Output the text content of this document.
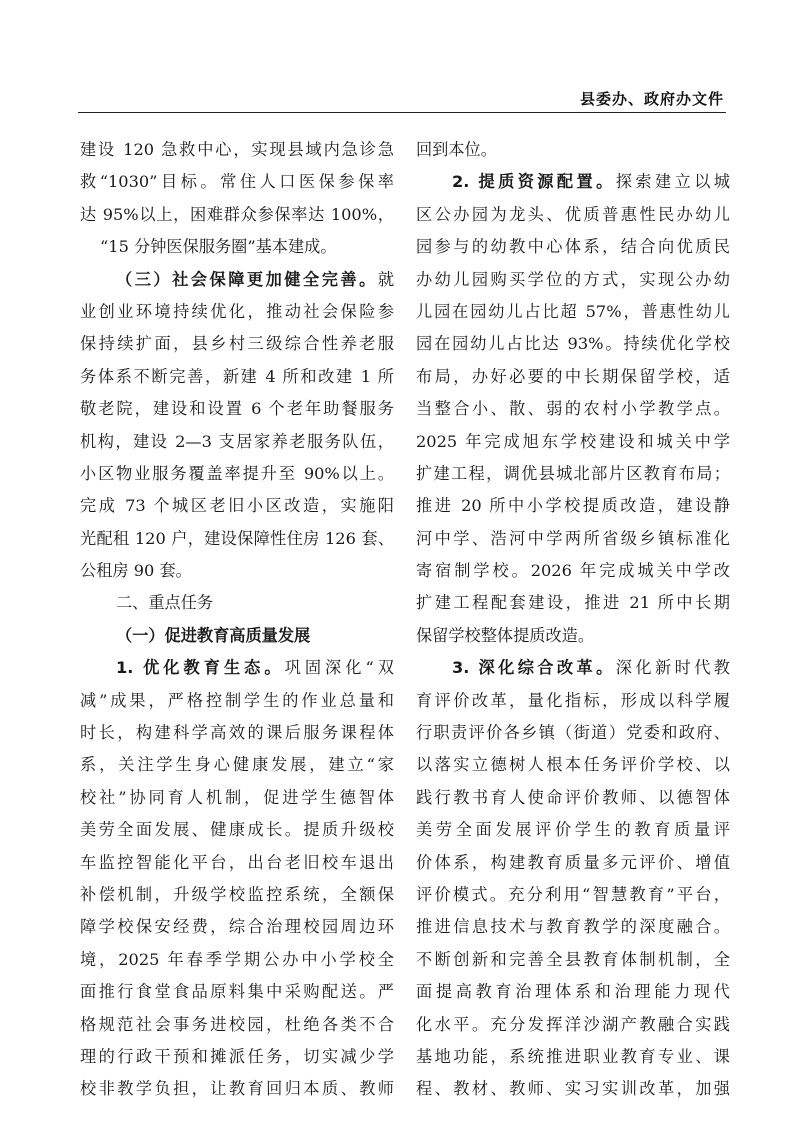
县委办、政府办文件
建设 120 急救中心，实现县域内急诊急
救“1030”目标。常住人口医保参保率
达 95%以上，困难群众参保率达 100%，
“15 分钟医保服务圈”基本建成。
（三）社会保障更加健全完善。就
业创业环境持续优化，推动社会保险参
保持续扩面，县乡村三级综合性养老服
务体系不断完善，新建 4 所和改建 1 所
敬老院，建设和设置 6 个老年助餐服务
机构，建设 2—3 支居家养老服务队伍，
小区物业服务覆盖率提升至 90%以上。
完成 73 个城区老旧小区改造，实施阳
光配租 120 户，建设保障性住房 126 套、
公租房 90 套。
二、重点任务
（一）促进教育高质量发展
1. 优化教育生态。巩固深化“双
减”成果，严格控制学生的作业总量和
时长，构建科学高效的课后服务课程体
系，关注学生身心健康发展，建立“家
校社”协同育人机制，促进学生德智体
美劳全面发展、健康成长。提质升级校
车监控智能化平台，出台老旧校车退出
补偿机制，升级学校监控系统，全额保
障学校保安经费，综合治理校园周边环
境，2025 年春季学期公办中小学校全
面推行食堂食品原料集中采购配送。严
格规范社会事务进校园，杜绝各类不合
理的行政干预和摊派任务，切实减少学
校非教学负担，让教育回归本质、教师
回到本位。
2. 提质资源配置。探索建立以城
区公办园为龙头、优质普惠性民办幼儿
园参与的幼教中心体系，结合向优质民
办幼儿园购买学位的方式，实现公办幼
儿园在园幼儿占比超 57%，普惠性幼儿
园在园幼儿占比达 93%。持续优化学校
布局，办好必要的中长期保留学校，适
当整合小、散、弱的农村小学教学点。
2025 年完成旭东学校建设和城关中学
扩建工程，调优县城北部片区教育布局；
推进 20 所中小学校提质改造，建设静
河中学、浩河中学两所省级乡镇标准化
寄宿制学校。2026 年完成城关中学改
扩建工程配套建设，推进 21 所中长期
保留学校整体提质改造。
3. 深化综合改革。深化新时代教
育评价改革，量化指标，形成以科学履
行职责评价各乡镇（街道）党委和政府、
以落实立德树人根本任务评价学校、以
践行教书育人使命评价教师、以德智体
美劳全面发展评价学生的教育质量评
价体系，构建教育质量多元评价、增值
评价模式。充分利用“智慧教育”平台，
推进信息技术与教育教学的深度融合。
不断创新和完善全县教育体制机制，全
面提高教育治理体系和治理能力现代
化水平。充分发挥洋沙湖产教融合实践
基地功能，系统推进职业教育专业、课
程、教材、教师、实习实训改革，加强
